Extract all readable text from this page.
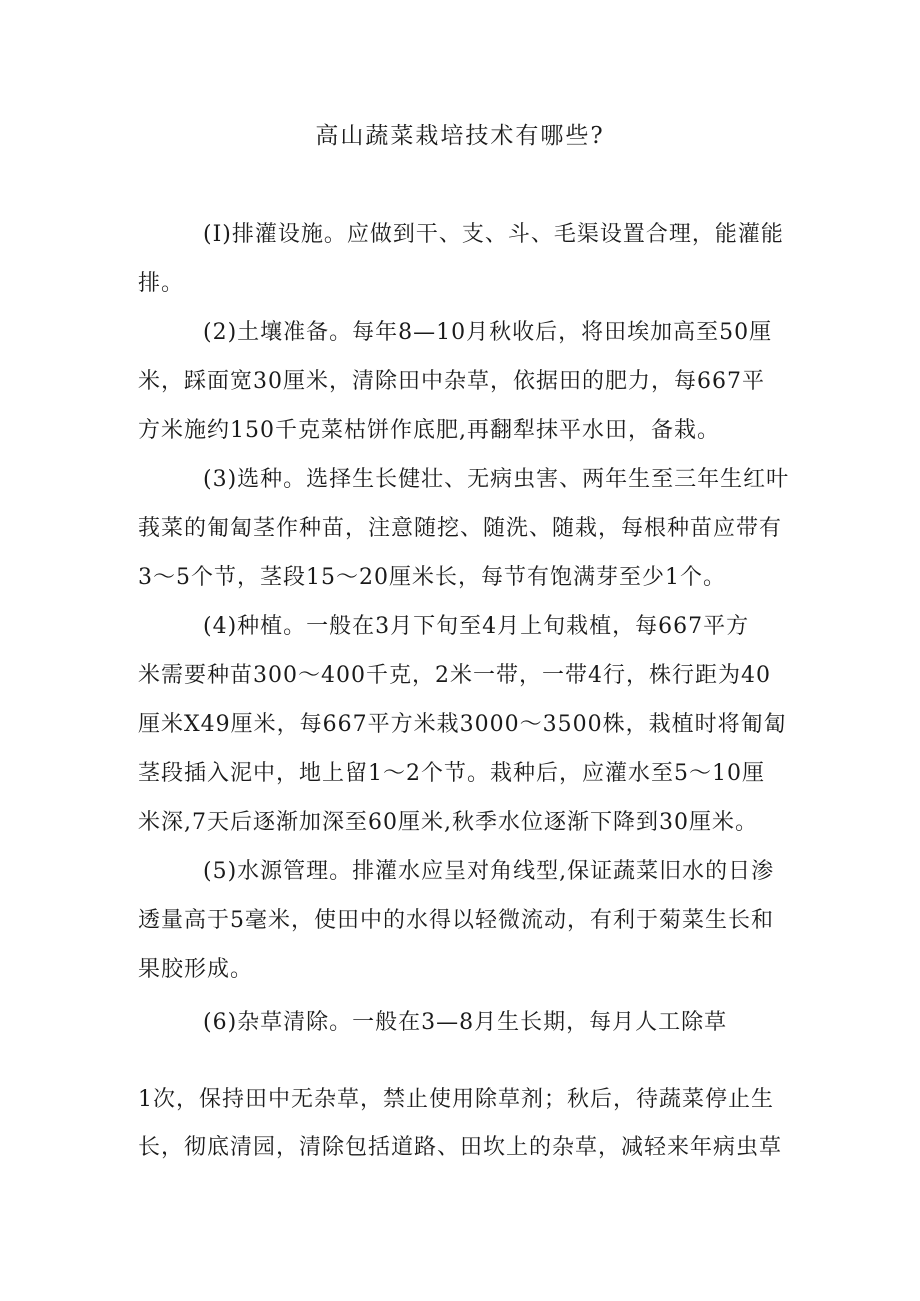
高山蔬菜栽培技术有哪些?
(I)排灌设施。应做到干、支、斗、毛渠设置合理，能灌能
排。
(2)土壤准备。每年8—10月秋收后，将田埃加高至50厘
米，踩面宽30厘米，清除田中杂草，依据田的肥力，每667平
方米施约150千克菜枯饼作底肥,再翻犁抹平水田，备栽。
(3)选种。选择生长健壮、无病虫害、两年生至三年生红叶
莪菜的匍匐茎作种苗，注意随挖、随洗、随栽，每根种苗应带有
3～5个节，茎段15～20厘米长，每节有饱满芽至少1个。
(4)种植。一般在3月下旬至4月上旬栽植，每667平方
米需要种苗300～400千克，2米一带，一带4行，株行距为40
厘米X49厘米，每667平方米栽3000～3500株，栽植时将匍匐
茎段插入泥中，地上留1～2个节。栽种后，应灌水至5～10厘
米深,7天后逐渐加深至60厘米,秋季水位逐渐下降到30厘米。
(5)水源管理。排灌水应呈对角线型,保证蔬菜旧水的日渗
透量高于5毫米，使田中的水得以轻微流动，有利于菊菜生长和
果胶形成。
(6)杂草清除。一般在3—8月生长期，每月人工除草
1次，保持田中无杂草，禁止使用除草剂；秋后，待蔬菜停止生
长，彻底清园，清除包括道路、田坎上的杂草，减轻来年病虫草
